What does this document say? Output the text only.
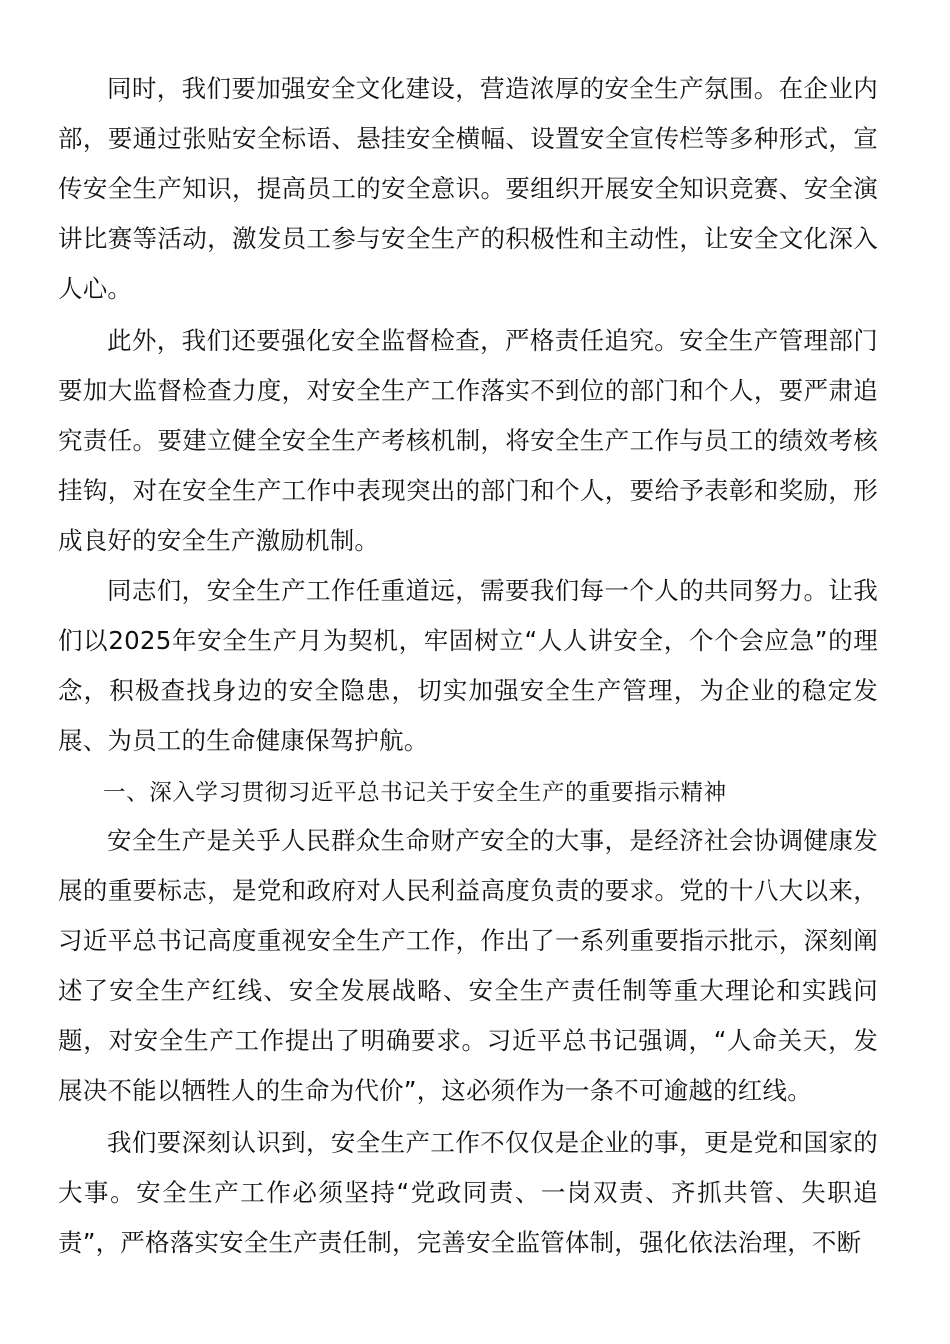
同时，我们要加强安全文化建设，营造浓厚的安全生产氛围。在企业内部，要通过张贴安全标语、悬挂安全横幅、设置安全宣传栏等多种形式，宣传安全生产知识，提高员工的安全意识。要组织开展安全知识竞赛、安全演讲比赛等活动，激发员工参与安全生产的积极性和主动性，让安全文化深入人心。

此外，我们还要强化安全监督检查，严格责任追究。安全生产管理部门要加大监督检查力度，对安全生产工作落实不到位的部门和个人，要严肃追究责任。要建立健全安全生产考核机制，将安全生产工作与员工的绩效考核挂钩，对在安全生产工作中表现突出的部门和个人，要给予表彰和奖励，形成良好的安全生产激励机制。

同志们，安全生产工作任重道远，需要我们每一个人的共同努力。让我们以2025年安全生产月为契机，牢固树立“人人讲安全，个个会应急”的理念，积极查找身边的安全隐患，切实加强安全生产管理，为企业的稳定发展、为员工的生命健康保驾护航。

一、深入学习贯彻习近平总书记关于安全生产的重要指示精神

安全生产是关乎人民群众生命财产安全的大事，是经济社会协调健康发展的重要标志，是党和政府对人民利益高度负责的要求。党的十八大以来，习近平总书记高度重视安全生产工作，作出了一系列重要指示批示，深刻阐述了安全生产红线、安全发展战略、安全生产责任制等重大理论和实践问题，对安全生产工作提出了明确要求。习近平总书记强调，“人命关天，发展决不能以牺牲人的生命为代价”，这必须作为一条不可逾越的红线。

我们要深刻认识到，安全生产工作不仅仅是企业的事，更是党和国家的大事。安全生产工作必须坚持“党政同责、一岗双责、齐抓共管、失职追责”，严格落实安全生产责任制，完善安全监管体制，强化依法治理，不断
